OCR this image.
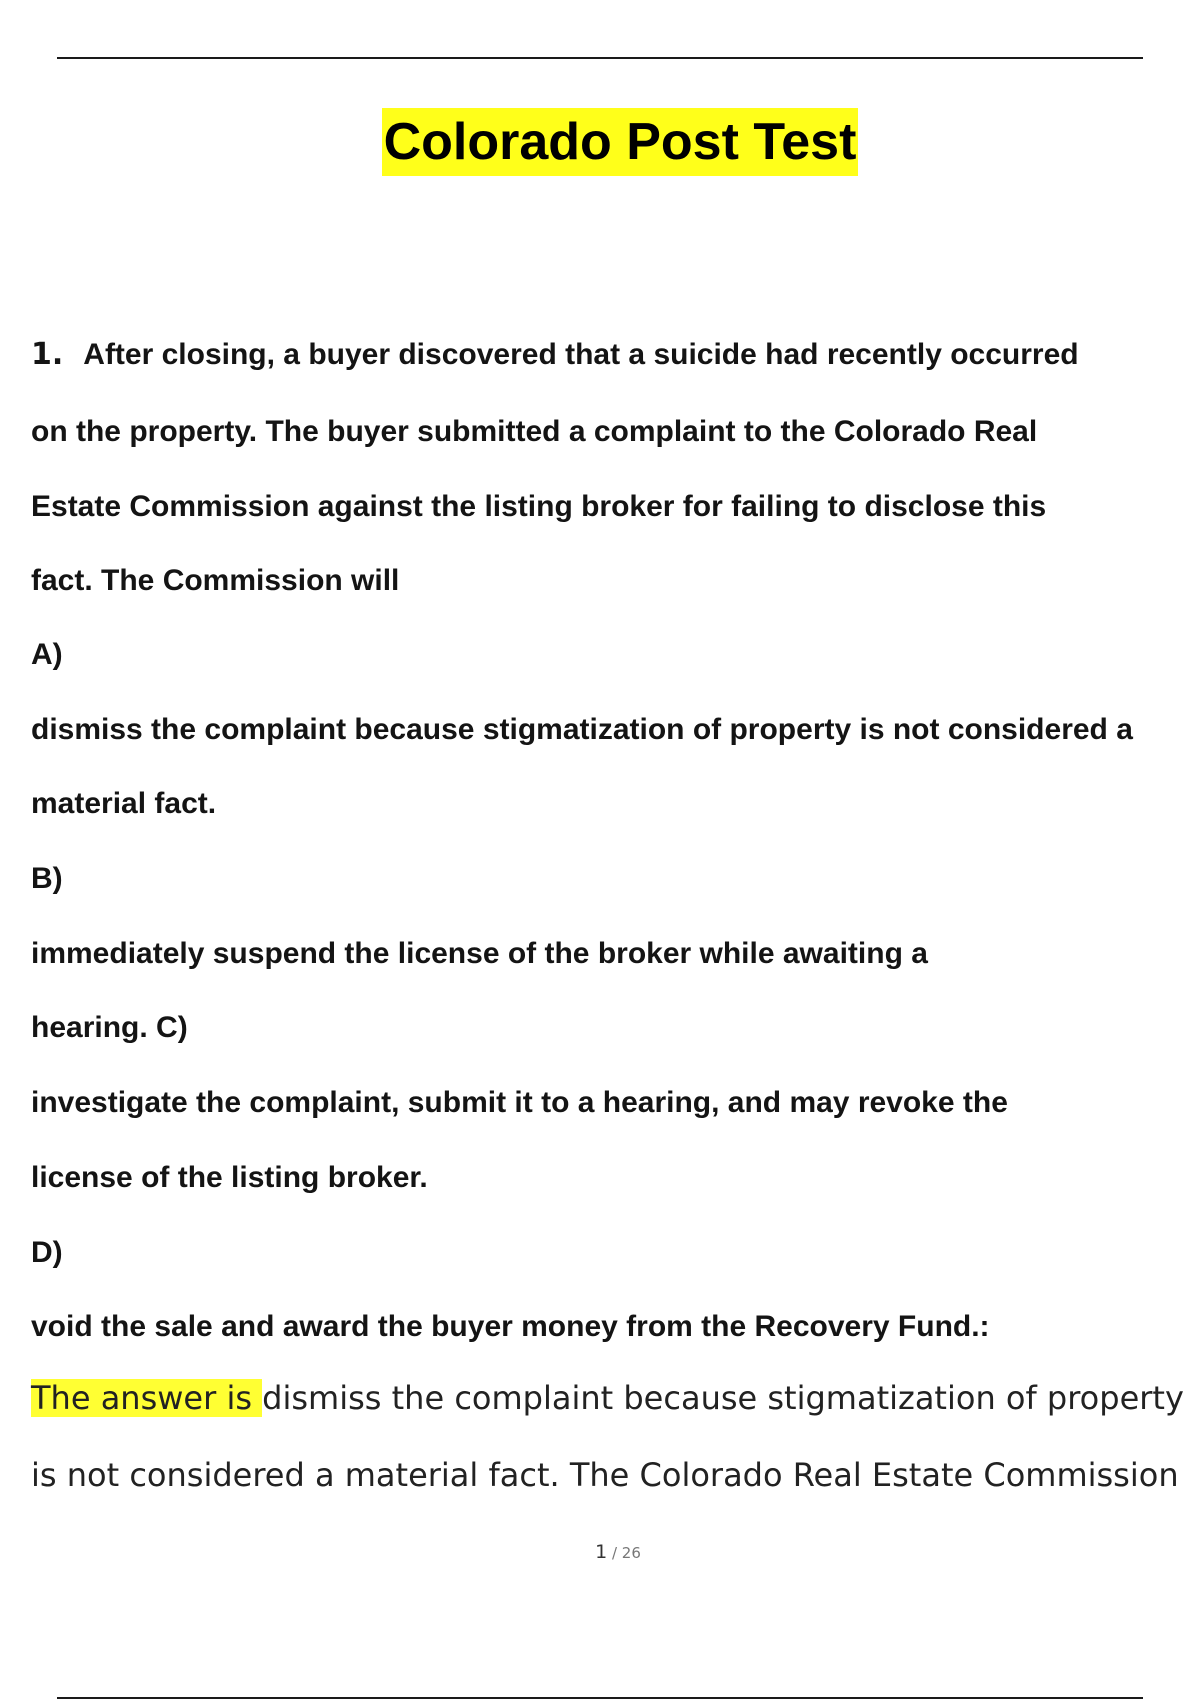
Colorado Post Test
1. After closing, a buyer discovered that a suicide had recently occurred
on the property. The buyer submitted a complaint to the Colorado Real
Estate Commission against the listing broker for failing to disclose this
fact. The Commission will
A)
dismiss the complaint because stigmatization of property is not considered a
material fact.
B)
immediately suspend the license of the broker while awaiting a
hearing. C)
investigate the complaint, submit it to a hearing, and may revoke the
license of the listing broker.
D)
void the sale and award the buyer money from the Recovery Fund.:
The answer is dismiss the complaint because stigmatization of property
is not considered a material fact. The Colorado Real Estate Commission
1 / 26
